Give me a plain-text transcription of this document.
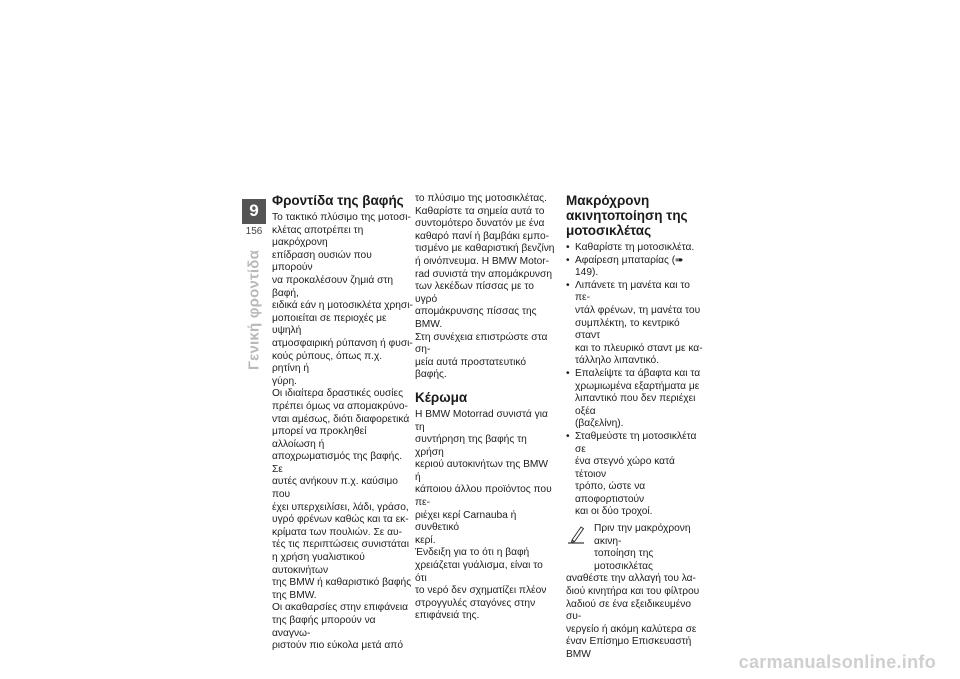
9
156
Γενική φροντίδα
Φροντίδα της βαφής

Το τακτικό πλύσιμο της μοτοσι-
κλέτας αποτρέπει τη μακρόχρονη
επίδραση ουσιών που μπορούν
να προκαλέσουν ζημιά στη βαφή,
ειδικά εάν η μοτοσικλέτα χρησι-
μοποιείται σε περιοχές με υψηλή
ατμοσφαιρική ρύπανση ή φυσι-
κούς ρύπους, όπως π.χ. ρητίνη ή
γύρη.

Οι ιδιαίτερα δραστικές ουσίες
πρέπει όμως να απομακρύνο-
νται αμέσως, διότι διαφορετικά
μπορεί να προκληθεί αλλοίωση ή
αποχρωματισμός της βαφής. Σε
αυτές ανήκουν π.χ. καύσιμο που
έχει υπερχειλίσει, λάδι, γράσο,
υγρό φρένων καθώς και τα εκ-
κρίματα των πουλιών. Σε αυ-
τές τις περιπτώσεις συνιστάται
η χρήση γυαλιστικού αυτοκινήτων
της BMW ή καθαριστικό βαφής
της BMW.

Οι ακαθαρσίες στην επιφάνεια
της βαφής μπορούν να αναγνω-
ριστούν πιο εύκολα μετά από

το πλύσιμο της μοτοσικλέτας.
Καθαρίστε τα σημεία αυτά το
συντομότερο δυνατόν με ένα
καθαρό πανί ή βαμβάκι εμπο-
τισμένο με καθαριστική βενζίνη
ή οινόπνευμα. Η BMW Motor-
rad συνιστά την απομάκρυνση
των λεκέδων πίσσας με το υγρό
απομάκρυνσης πίσσας της BMW.
Στη συνέχεια επιστρώστε στα ση-
μεία αυτά προστατευτικό βαφής.

Κέρωμα

Η BMW Motorrad συνιστά για τη
συντήρηση της βαφής τη χρήση
κεριού αυτοκινήτων της BMW ή
κάποιου άλλου προϊόντος που πε-
ριέχει κερί Carnauba ή συνθετικό
κερί.

Ένδειξη για το ότι η βαφή
χρειάζεται γυάλισμα, είναι το ότι
το νερό δεν σχηματίζει πλέον
στρογγυλές σταγόνες στην
επιφάνειά της.

Μακρόχρονη
ακινητοποίηση της
μοτοσικλέτας
• Καθαρίστε τη μοτοσικλέτα.
• Αφαίρεση μπαταρίας (➠ 149).
• Λιπάνετε τη μανέτα και το πε-
ντάλ φρένων, τη μανέτα του
συμπλέκτη, το κεντρικό σταντ
και το πλευρικό σταντ με κα-
τάλληλο λιπαντικό.
• Επαλείψτε τα άβαφτα και τα
χρωμιωμένα εξαρτήματα με
λιπαντικό που δεν περιέχει οξέα
(βαζελίνη).
• Σταθμεύστε τη μοτοσικλέτα σε
ένα στεγνό χώρο κατά τέτοιον
τρόπο, ώστε να αποφορτιστούν
και οι δύο τροχοί.

Πριν την μακρόχρονη ακινη-
τοποίηση της μοτοσικλέτας

αναθέστε την αλλαγή του λα-
διού κινητήρα και του φίλτρου
λαδιού σε ένα εξειδικευμένο συ-
νεργείο ή ακόμη καλύτερα σε
έναν Επίσημο Επισκευαστή BMW	carmanualsonline.info
